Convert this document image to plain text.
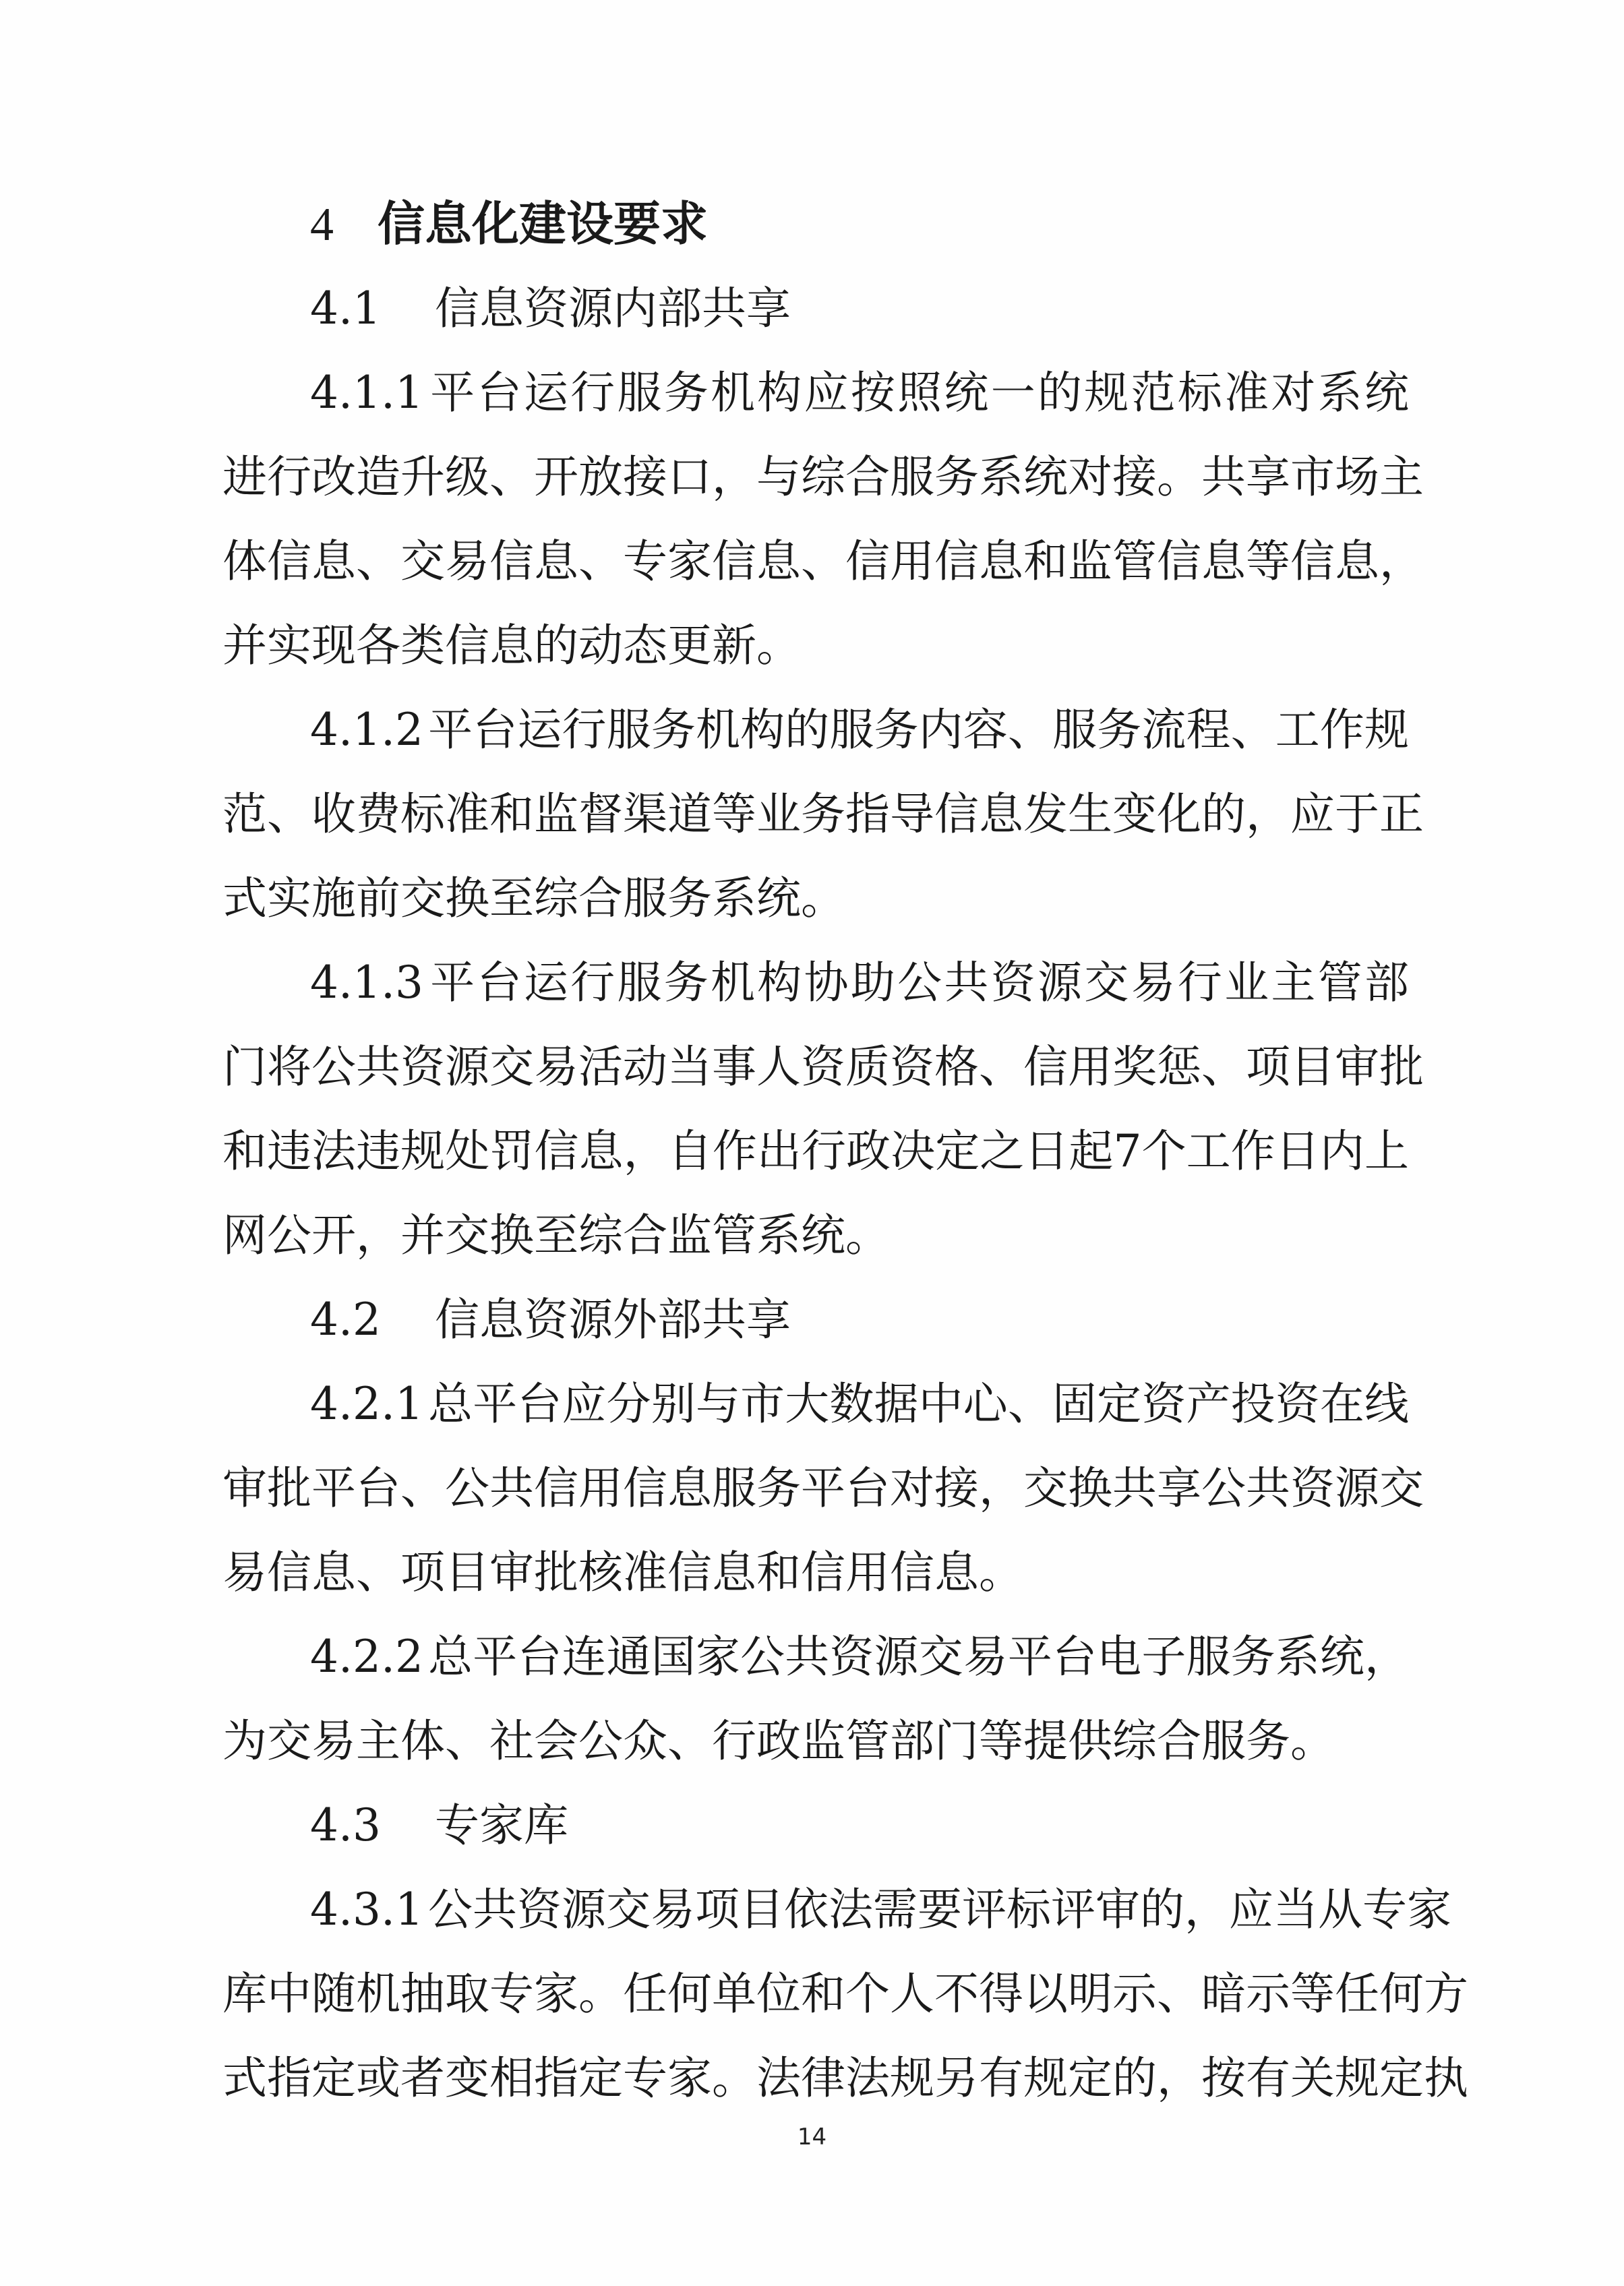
4 信息化建设要求
4.1 信息资源内部共享
4.1.1 平台运行服务机构应按照统一的规范标准对系统
进行改造升级、开放接口，与综合服务系统对接。共享市场主
体信息、交易信息、专家信息、信用信息和监管信息等信息，
并实现各类信息的动态更新。
4.1.2 平台运行服务机构的服务内容、服务流程、工作规
范、收费标准和监督渠道等业务指导信息发生变化的，应于正
式实施前交换至综合服务系统。
4.1.3 平台运行服务机构协助公共资源交易行业主管部
门将公共资源交易活动当事人资质资格、信用奖惩、项目审批
和违法违规处罚信息，自作出行政决定之日起7个工作日内上
网公开，并交换至综合监管系统。
4.2 信息资源外部共享
4.2.1 总平台应分别与市大数据中心、固定资产投资在线
审批平台、公共信用信息服务平台对接，交换共享公共资源交
易信息、项目审批核准信息和信用信息。
4.2.2 总平台连通国家公共资源交易平台电子服务系统，
为交易主体、社会公众、行政监管部门等提供综合服务。
4.3 专家库
4.3.1 公共资源交易项目依法需要评标评审的，应当从专家
库中随机抽取专家。任何单位和个人不得以明示、暗示等任何方
式指定或者变相指定专家。法律法规另有规定的，按有关规定执
14
